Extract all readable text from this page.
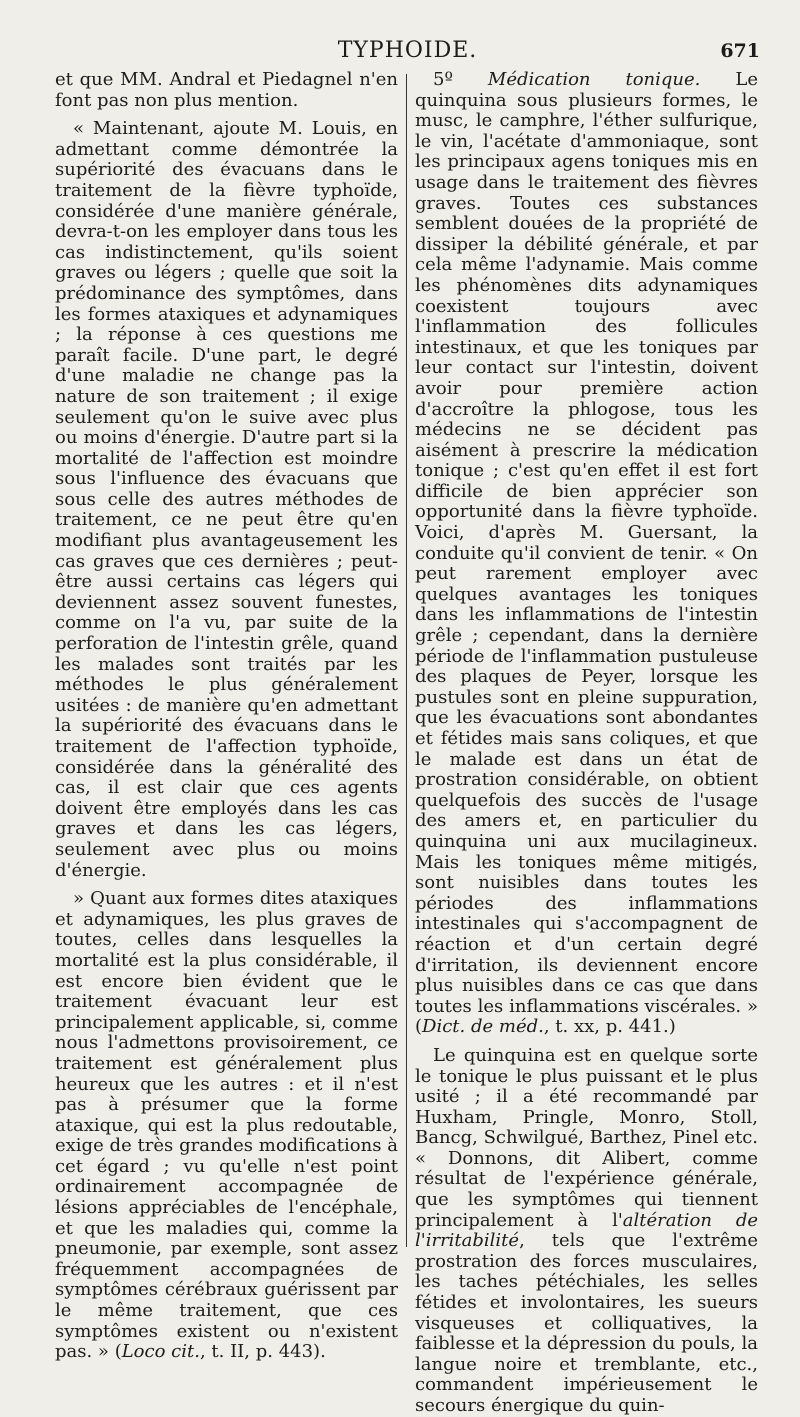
TYPHOIDE.	671

et que MM. Andral et Piedagnel n'en font pas non plus mention.

« Maintenant, ajoute M. Louis, en admettant comme démontrée la supériorité des évacuans dans le traitement de la fièvre typhoïde, considérée d'une manière générale, devra-t-on les employer dans tous les cas indistinctement, qu'ils soient graves ou légers ; quelle que soit la prédominance des symptômes, dans les formes ataxiques et adynamiques ; la réponse à ces questions me paraît facile. D'une part, le degré d'une maladie ne change pas la nature de son traitement ; il exige seulement qu'on le suive avec plus ou moins d'énergie. D'autre part si la mortalité de l'affection est moindre sous l'influence des évacuans que sous celle des autres méthodes de traitement, ce ne peut être qu'en modifiant plus avantageusement les cas graves que ces dernières ; peut-être aussi certains cas légers qui deviennent assez souvent funestes, comme on l'a vu, par suite de la perforation de l'intestin grêle, quand les malades sont traités par les méthodes le plus généralement usitées : de manière qu'en admettant la supériorité des évacuans dans le traitement de l'affection typhoïde, considérée dans la généralité des cas, il est clair que ces agents doivent être employés dans les cas graves et dans les cas légers, seulement avec plus ou moins d'énergie.

» Quant aux formes dites ataxiques et adynamiques, les plus graves de toutes, celles dans lesquelles la mortalité est la plus considérable, il est encore bien évident que le traitement évacuant leur est principalement applicable, si, comme nous l'admettons provisoirement, ce traitement est généralement plus heureux que les autres : et il n'est pas à présumer que la forme ataxique, qui est la plus redoutable, exige de très grandes modifications à cet égard ; vu qu'elle n'est point ordinairement accompagnée de lésions appréciables de l'encéphale, et que les maladies qui, comme la pneumonie, par exemple, sont assez fréquemment accompagnées de symptômes cérébraux guérissent par le même traitement, que ces symptômes existent ou n'existent pas. » (Loco cit., t. II, p. 443).

5º Médication tonique. Le quinquina sous plusieurs formes, le musc, le camphre, l'éther sulfurique, le vin, l'acétate d'ammoniaque, sont les principaux agens toniques mis en usage dans le traitement des fièvres graves. Toutes ces substances semblent douées de la propriété de dissiper la débilité générale, et par cela même l'adynamie. Mais comme les phénomènes dits adynamiques coexistent toujours avec l'inflammation des follicules intestinaux, et que les toniques par leur contact sur l'intestin, doivent avoir pour première action d'accroître la phlogose, tous les médecins ne se décident pas aisément à prescrire la médication tonique ; c'est qu'en effet il est fort difficile de bien apprécier son opportunité dans la fièvre typhoïde. Voici, d'après M. Guersant, la conduite qu'il convient de tenir. « On peut rarement employer avec quelques avantages les toniques dans les inflammations de l'intestin grêle ; cependant, dans la dernière période de l'inflammation pustuleuse des plaques de Peyer, lorsque les pustules sont en pleine suppuration, que les évacuations sont abondantes et fétides mais sans coliques, et que le malade est dans un état de prostration considérable, on obtient quelquefois des succès de l'usage des amers et, en particulier du quinquina uni aux mucilagineux. Mais les toniques même mitigés, sont nuisibles dans toutes les périodes des inflammations intestinales qui s'accompagnent de réaction et d'un certain degré d'irritation, ils deviennent encore plus nuisibles dans ce cas que dans toutes les inflammations viscérales. » (Dict. de méd., t. xx, p. 441.)

Le quinquina est en quelque sorte le tonique le plus puissant et le plus usité ; il a été recommandé par Huxham, Pringle, Monro, Stoll, Bancg, Schwilgué, Barthez, Pinel etc. « Donnons, dit Alibert, comme résultat de l'expérience générale, que les symptômes qui tiennent principalement à l'altération de l'irritabilité, tels que l'extrême prostration des forces musculaires, les taches pétéchiales, les selles fétides et involontaires, les sueurs visqueuses et colliquatives, la faiblesse et la dépression du pouls, la langue noire et tremblante, etc., commandent impérieusement le secours énergique du quin-
